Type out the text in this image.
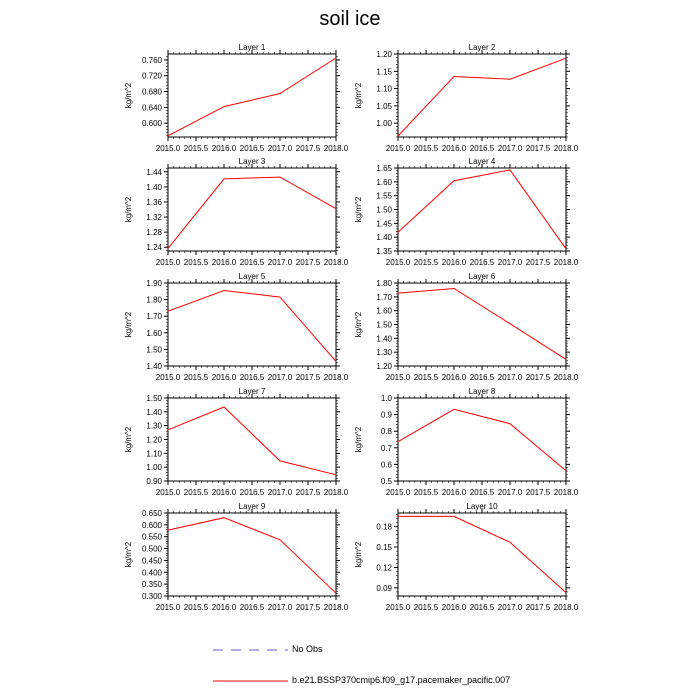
soil ice
Layer 1
0.600
0.640
0.680
0.720
0.760
2015.0 2015.5 2016.0 2016.5 2017.0 2017.5 2018.0
kg/m^2
Layer 2
1.00
1.05
1.10
1.15
1.20
2015.0 2015.5 2016.0 2016.5 2017.0 2017.5 2018.0
kg/m^2
Layer 3
1.24
1.28
1.32
1.36
1.40
1.44
2015.0 2015.5 2016.0 2016.5 2017.0 2017.5 2018.0
kg/m^2
Layer 4
1.35
1.40
1.45
1.50
1.55
1.60
1.65
2015.0 2015.5 2016.0 2016.5 2017.0 2017.5 2018.0
kg/m^2
Layer 5
1.40
1.50
1.60
1.70
1.80
1.90
2015.0 2015.5 2016.0 2016.5 2017.0 2017.5 2018.0
kg/m^2
Layer 6
1.20
1.30
1.40
1.50
1.60
1.70
1.80
2015.0 2015.5 2016.0 2016.5 2017.0 2017.5 2018.0
kg/m^2
Layer 7
0.90
1.00
1.10
1.20
1.30
1.40
1.50
2015.0 2015.5 2016.0 2016.5 2017.0 2017.5 2018.0
kg/m^2
Layer 8
0.5
0.6
0.7
0.8
0.9
1.0
2015.0 2015.5 2016.0 2016.5 2017.0 2017.5 2018.0
kg/m^2
Layer 9
0.300
0.350
0.400
0.450
0.500
0.550
0.600
0.650
2015.0 2015.5 2016.0 2016.5 2017.0 2017.5 2018.0
kg/m^2
Layer 10
0.09
0.12
0.15
0.18
2015.0 2015.5 2016.0 2016.5 2017.0 2017.5 2018.0
kg/m^2
No Obs
b.e21.BSSP370cmip6.f09_g17.pacemaker_pacific.007
